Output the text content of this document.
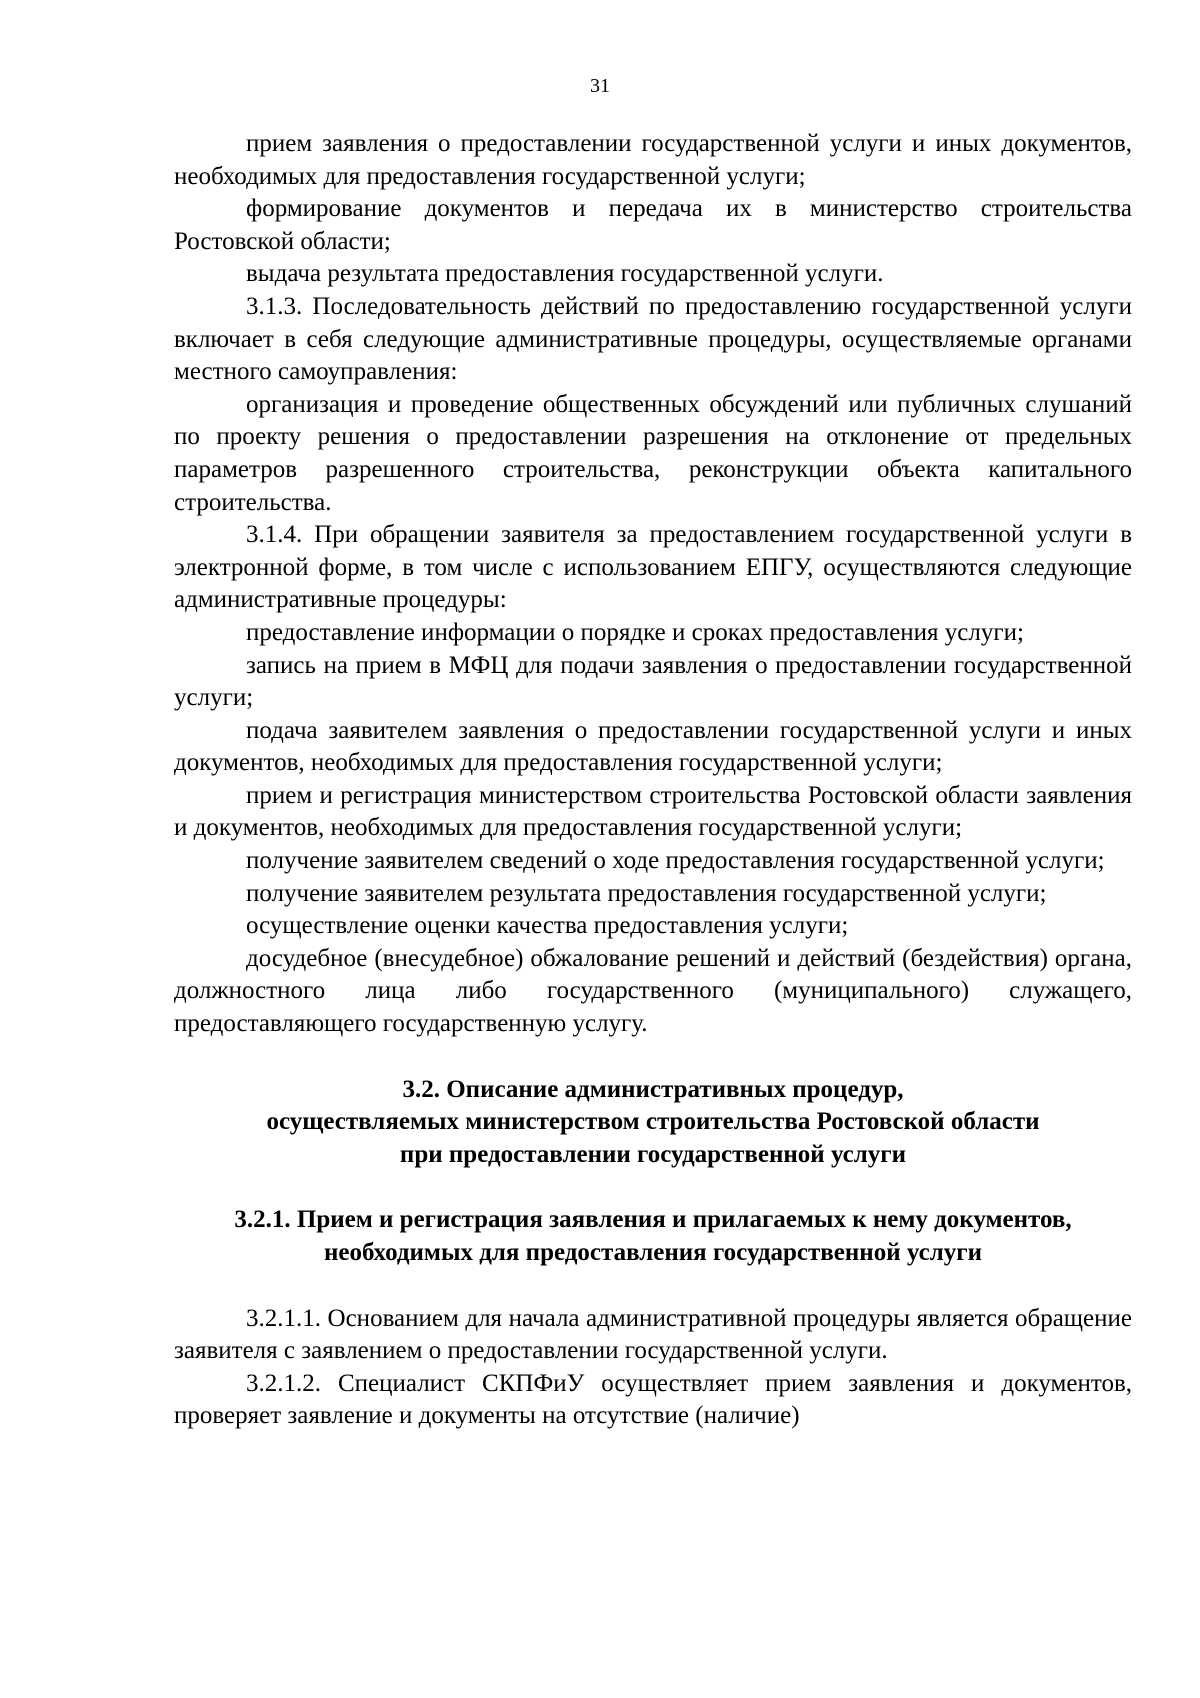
31

прием заявления о предоставлении государственной услуги и иных документов, необходимых для предоставления государственной услуги;

формирование документов и передача их в министерство строительства Ростовской области;

выдача результата предоставления государственной услуги.

3.1.3. Последовательность действий по предоставлению государственной услуги включает в себя следующие административные процедуры, осуществляемые органами местного самоуправления:

организация и проведение общественных обсуждений или публичных слушаний по проекту решения о предоставлении разрешения на отклонение от предельных параметров разрешенного строительства, реконструкции объекта капитального строительства.

3.1.4. При обращении заявителя за предоставлением государственной услуги в электронной форме, в том числе с использованием ЕПГУ, осуществляются следующие административные процедуры:

предоставление информации о порядке и сроках предоставления услуги;

запись на прием в МФЦ для подачи заявления о предоставлении государственной услуги;

подача заявителем заявления о предоставлении государственной услуги и иных документов, необходимых для предоставления государственной услуги;

прием и регистрация министерством строительства Ростовской области заявления и документов, необходимых для предоставления государственной услуги;

получение заявителем сведений о ходе предоставления государственной услуги;

получение заявителем результата предоставления государственной услуги;

осуществление оценки качества предоставления услуги;

досудебное (внесудебное) обжалование решений и действий (бездействия) органа, должностного лица либо государственного (муниципального) служащего, предоставляющего государственную услугу.

3.2. Описание административных процедур,
осуществляемых министерством строительства Ростовской области
при предоставлении государственной услуги
3.2.1. Прием и регистрация заявления и прилагаемых к нему документов,
необходимых для предоставления государственной услуги

3.2.1.1. Основанием для начала административной процедуры является обращение заявителя с заявлением о предоставлении государственной услуги.

3.2.1.2. Специалист СКПФиУ осуществляет прием заявления и документов, проверяет заявление и документы на отсутствие (наличие)
